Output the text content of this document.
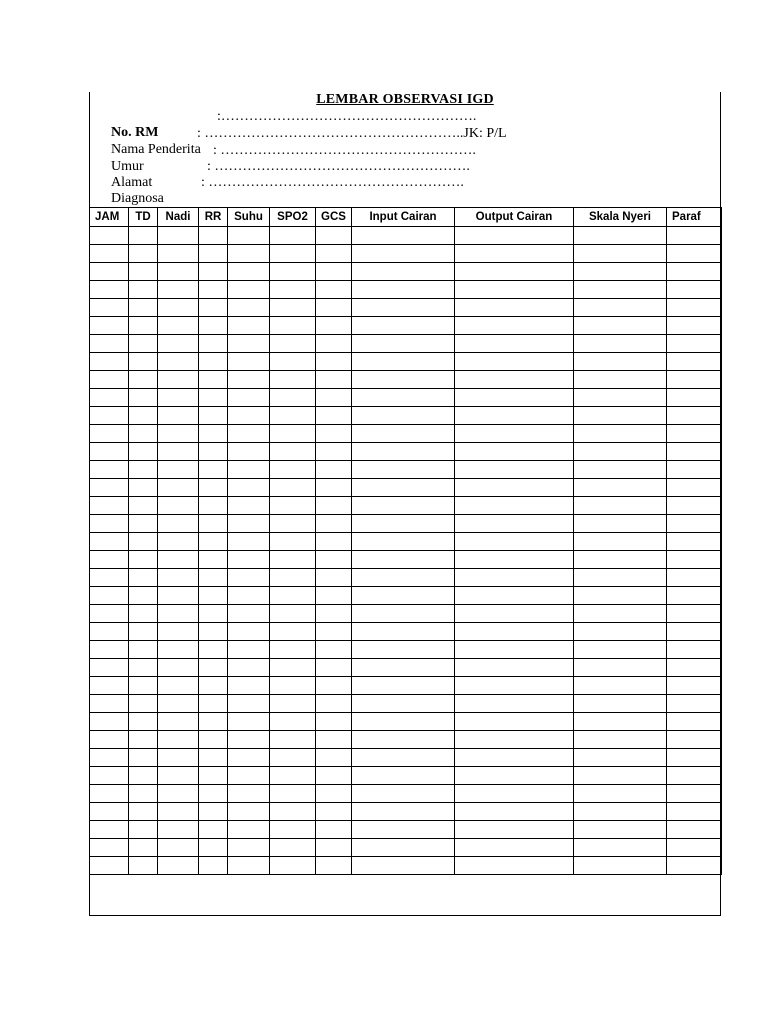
LEMBAR OBSERVASI IGD

No. RM

:……………………………………………….

Nama Penderita

: ………………………………………………..JK: P/L

Umur

: ……………………………………………….

Alamat

: ……………………………………………….

Diagnosa

: ……………………………………………….

JAM	TD	Nadi	RR	Suhu	SPO2	GCS	Input Cairan	Output Cairan	Skala Nyeri	Paraf
